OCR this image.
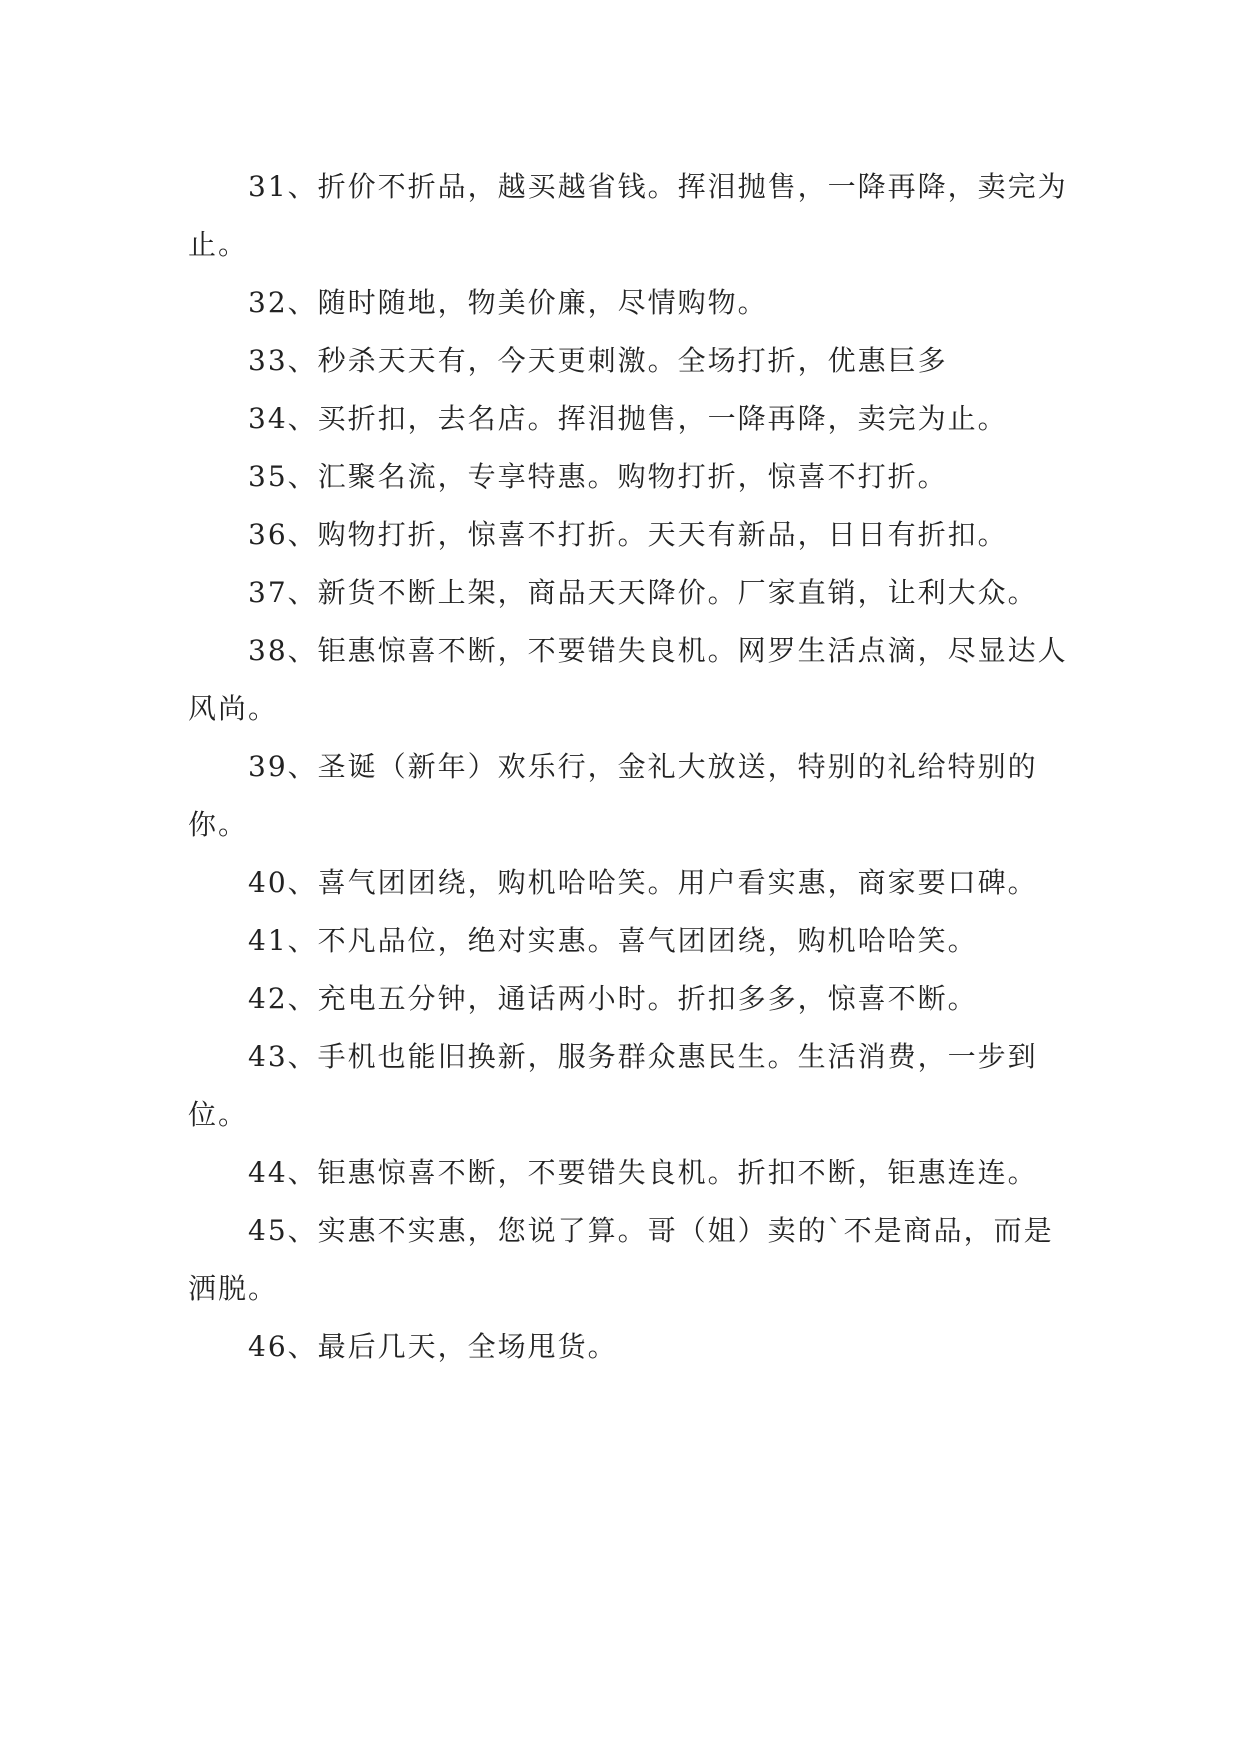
31、折价不折品，越买越省钱。挥泪抛售，一降再降，卖完为止。

32、随时随地，物美价廉，尽情购物。

33、秒杀天天有，今天更刺激。全场打折，优惠巨多

34、买折扣，去名店。挥泪抛售，一降再降，卖完为止。

35、汇聚名流，专享特惠。购物打折，惊喜不打折。

36、购物打折，惊喜不打折。天天有新品，日日有折扣。

37、新货不断上架，商品天天降价。厂家直销，让利大众。

38、钜惠惊喜不断，不要错失良机。网罗生活点滴，尽显达人风尚。

39、圣诞（新年）欢乐行，金礼大放送，特别的礼给特别的你。

40、喜气团团绕，购机哈哈笑。用户看实惠，商家要口碑。

41、不凡品位，绝对实惠。喜气团团绕，购机哈哈笑。

42、充电五分钟，通话两小时。折扣多多，惊喜不断。

43、手机也能旧换新，服务群众惠民生。生活消费，一步到位。

44、钜惠惊喜不断，不要错失良机。折扣不断，钜惠连连。

45、实惠不实惠，您说了算。哥（姐）卖的`不是商品，而是洒脱。

46、最后几天，全场甩货。
